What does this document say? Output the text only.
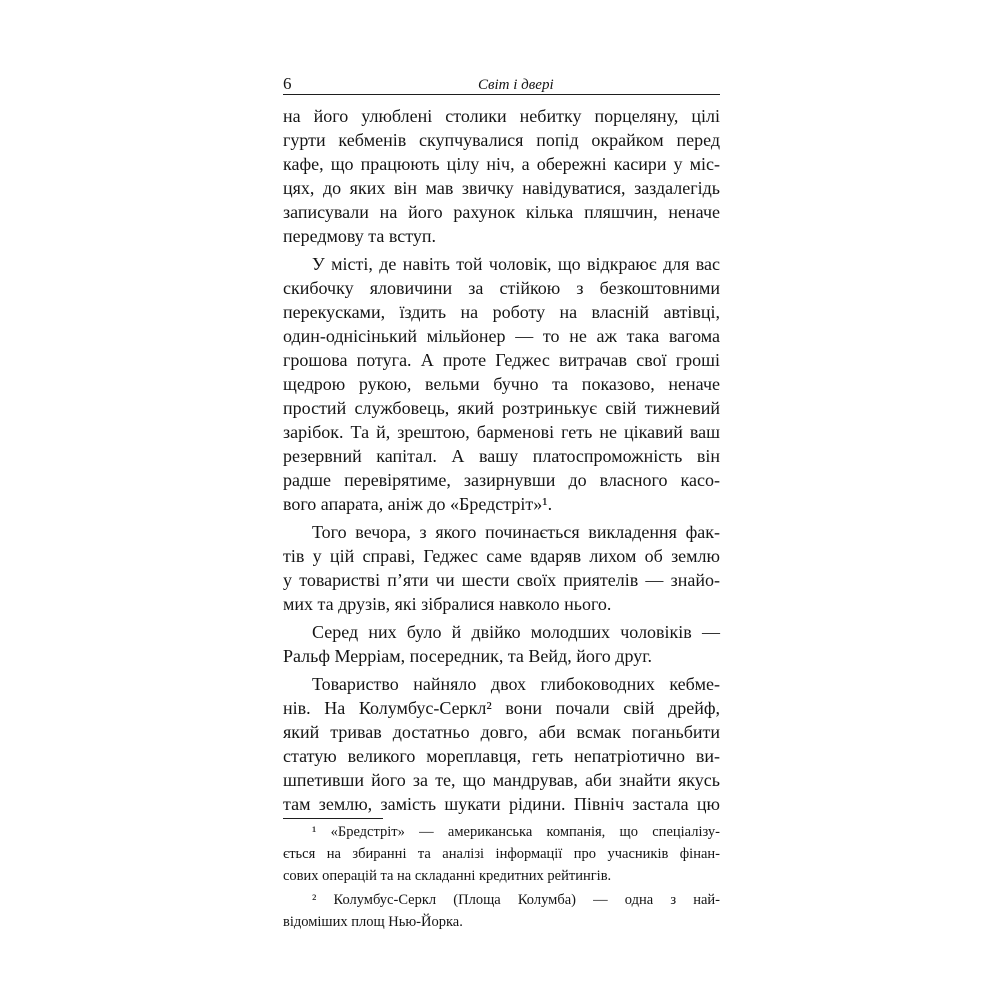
6	Світ і двері
на його улюблені столики небитку порцеляну, цілі
гурти кебменів скупчувалися попід окрайком перед
кафе, що працюють цілу ніч, а обережні касири у міс-
цях, до яких він мав звичку навідуватися, заздалегідь
записували на його рахунок кілька пляшчин, неначе
передмову та вступ.
У місті, де навіть той чоловік, що відкраює для вас
скибочку яловичини за стійкою з безкоштовними
перекусками, їздить на роботу на власній автівці,
один-однісінький мільйонер — то не аж така вагома
грошова потуга. А проте Геджес витрачав свої гроші
щедрою рукою, вельми бучно та показово, неначе
простий службовець, який розтринькує свій тижневий
зарібок. Та й, зрештою, барменові геть не цікавий ваш
резервний капітал. А вашу платоспроможність він
радше перевірятиме, зазирнувши до власного касо-
вого апарата, аніж до «Бредстріт»¹.
Того вечора, з якого починається викладення фак-
тів у цій справі, Геджес саме вдаряв лихом об землю
у товаристві п’яти чи шести своїх приятелів — знайо-
мих та друзів, які зібралися навколо нього.
Серед них було й двійко молодших чоловіків —
Ральф Мерріам, посередник, та Вейд, його друг.
Товариство найняло двох глибоководних кебме-
нів. На Колумбус-Серкл² вони почали свій дрейф,
який тривав достатньо довго, аби всмак поганьбити
статую великого мореплавця, геть непатріотично ви-
шпетивши його за те, що мандрував, аби знайти якусь
там землю, замість шукати рідини. Північ застала цю
¹ «Бредстріт» — американська компанія, що спеціалізу-
ється на збиранні та аналізі інформації про учасників фінан-
сових операцій та на складанні кредитних рейтингів.
² Колумбус-Серкл (Площа Колумба) — одна з най-
відоміших площ Нью-Йорка.
